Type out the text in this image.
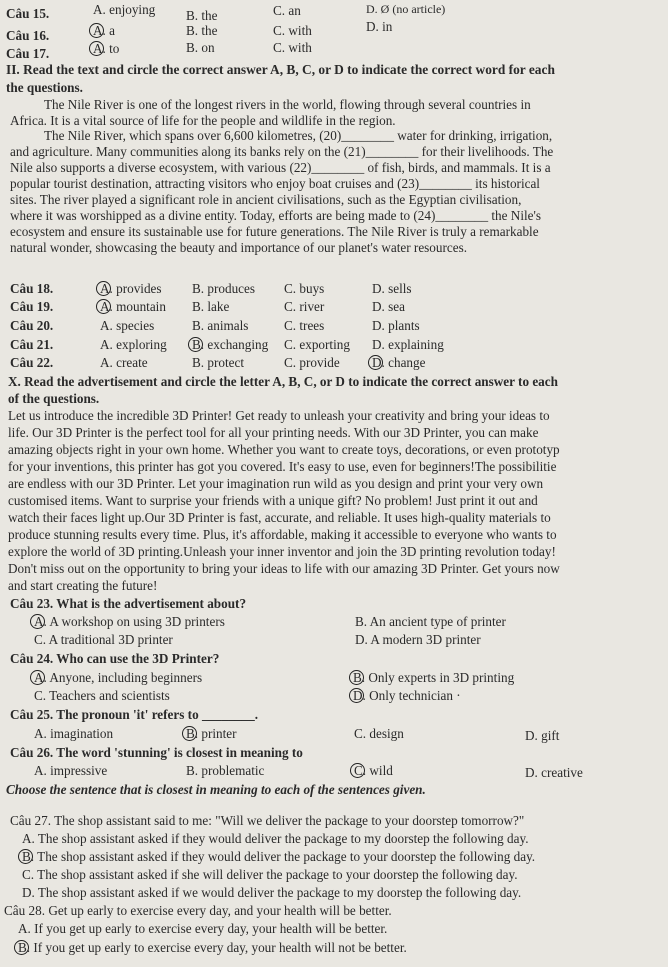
Câu 15.	A. enjoying B. the	C. an	D. Ø (no article)
Câu 16.	A. a	B. the	C. with	D. in
Câu 17.	A. to	B. on	C. with
II. Read the text and circle the correct answer A, B, C, or D to indicate the correct word for each
the questions.
The Nile River is one of the longest rivers in the world, flowing through several countries in
Africa. It is a vital source of life for the people and wildlife in the region.
The Nile River, which spans over 6,600 kilometres, (20)________ water for drinking, irrigation,
and agriculture. Many communities along its banks rely on the (21)________ for their livelihoods. The
Nile also supports a diverse ecosystem, with various (22)________ of fish, birds, and mammals. It is a
popular tourist destination, attracting visitors who enjoy boat cruises and (23)________ its historical
sites. The river played a significant role in ancient civilisations, such as the Egyptian civilisation,
where it was worshipped as a divine entity. Today, efforts are being made to (24)________ the Nile's
ecosystem and ensure its sustainable use for future generations. The Nile River is truly a remarkable
natural wonder, showcasing the beauty and importance of our planet's water resources.
Câu 18.	A. provides B. produces C. buys	D. sells
Câu 19.	A. mountain B. lake	C. river	D. sea
Câu 20.	A. species	B. animals	C. trees	D. plants
Câu 21.	A. exploring B. exchanging C. exporting D. explaining
Câu 22.	A. create	B. protect	C. provide D. change
X. Read the advertisement and circle the letter A, B, C, or D to indicate the correct answer to each
of the questions.
Let us introduce the incredible 3D Printer! Get ready to unleash your creativity and bring your ideas to
life. Our 3D Printer is the perfect tool for all your printing needs. With our 3D Printer, you can make
amazing objects right in your own home. Whether you want to create toys, decorations, or even prototyp
for your inventions, this printer has got you covered. It's easy to use, even for beginners!The possibilitie
are endless with our 3D Printer. Let your imagination run wild as you design and print your very own
customised items. Want to surprise your friends with a unique gift? No problem! Just print it out and
watch their faces light up.Our 3D Printer is fast, accurate, and reliable. It uses high-quality materials to
produce stunning results every time. Plus, it's affordable, making it accessible to everyone who wants to
explore the world of 3D printing.Unleash your inner inventor and join the 3D printing revolution today!
Don't miss out on the opportunity to bring your ideas to life with our amazing 3D Printer. Get yours now
and start creating the future!
Câu 23. What is the advertisement about?
A. A workshop on using 3D printers	B. An ancient type of printer
C. A traditional 3D printer	D. A modern 3D printer
Câu 24. Who can use the 3D Printer?
A. Anyone, including beginners	B. Only experts in 3D printing
C. Teachers and scientists	D. Only technician ·
Câu 25. The pronoun 'it' refers to ________.
A. imagination	B. printer	C. design	D. gift
Câu 26. The word 'stunning' is closest in meaning to
A. impressive	B. problematic	C. wild	D. creative
Choose the sentence that is closest in meaning to each of the sentences given.
Câu 27. The shop assistant said to me: "Will we deliver the package to your doorstep tomorrow?"
A. The shop assistant asked if they would deliver the package to my doorstep the following day.
B. The shop assistant asked if they would deliver the package to your doorstep the following day.
C. The shop assistant asked if she will deliver the package to your doorstep the following day.
D. The shop assistant asked if we would deliver the package to my doorstep the following day.
Câu 28. Get up early to exercise every day, and your health will be better.
A. If you get up early to exercise every day, your health will be better.
B. If you get up early to exercise every day, your health will not be better.
